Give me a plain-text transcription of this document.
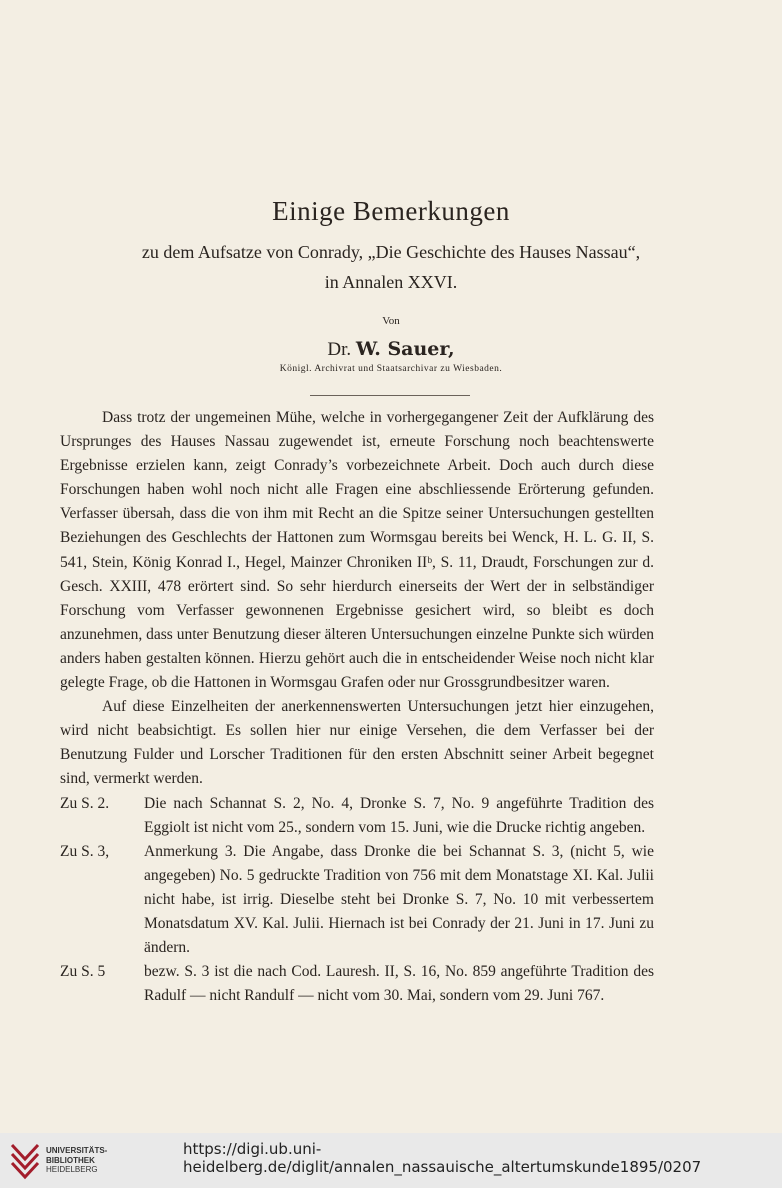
Einige Bemerkungen
zu dem Aufsatze von Conrady, „Die Geschichte des Hauses Nassau“,
in Annalen XXVI.
Von
Dr. W. Sauer,
Königl. Archivrat und Staatsarchivar zu Wiesbaden.

Dass trotz der ungemeinen Mühe, welche in vorhergegangener Zeit der Aufklärung des Ursprunges des Hauses Nassau zugewendet ist, erneute Forschung noch beachtenswerte Ergebnisse erzielen kann, zeigt Conrady’s vorbezeichnete Arbeit. Doch auch durch diese Forschungen haben wohl noch nicht alle Fragen eine abschliessende Erörterung gefunden. Verfasser übersah, dass die von ihm mit Recht an die Spitze seiner Untersuchungen gestellten Beziehungen des Geschlechts der Hattonen zum Wormsgau bereits bei Wenck, H. L. G. II, S. 541, Stein, König Konrad I., Hegel, Mainzer Chroniken IIᵇ, S. 11, Draudt, Forschungen zur d. Gesch. XXIII, 478 erörtert sind. So sehr hierdurch einerseits der Wert der in selbständiger Forschung vom Verfasser gewonnenen Ergebnisse gesichert wird, so bleibt es doch anzunehmen, dass unter Benutzung dieser älteren Untersuchungen einzelne Punkte sich würden anders haben gestalten können. Hierzu gehört auch die in entscheidender Weise noch nicht klar gelegte Frage, ob die Hattonen in Wormsgau Grafen oder nur Grossgrundbesitzer waren.

Auf diese Einzelheiten der anerkennenswerten Untersuchungen jetzt hier einzugehen, wird nicht beabsichtigt. Es sollen hier nur einige Versehen, die dem Verfasser bei der Benutzung Fulder und Lorscher Traditionen für den ersten Abschnitt seiner Arbeit begegnet sind, vermerkt werden.

Zu S. 2.	Die nach Schannat S. 2, No. 4, Dronke S. 7, No. 9 angeführte Tradition des Eggiolt ist nicht vom 25., sondern vom 15. Juni, wie die Drucke richtig angeben.
Zu S. 3,	Anmerkung 3. Die Angabe, dass Dronke die bei Schannat S. 3, (nicht 5, wie angegeben) No. 5 gedruckte Tradition von 756 mit dem Monatstage XI. Kal. Julii nicht habe, ist irrig. Dieselbe steht bei Dronke S. 7, No. 10 mit verbessertem Monatsdatum XV. Kal. Julii. Hiernach ist bei Conrady der 21. Juni in 17. Juni zu ändern.
Zu S. 5	bezw. S. 3 ist die nach Cod. Lauresh. II, S. 16, No. 859 angeführte Tradition des Radulf — nicht Randulf — nicht vom 30. Mai, sondern vom 29. Juni 767.
UNIVERSITÄTS-
BIBLIOTHEK
HEIDELBERG
https://digi.ub.uni-heidelberg.de/diglit/annalen_nassauische_altertumskunde1895/0207
